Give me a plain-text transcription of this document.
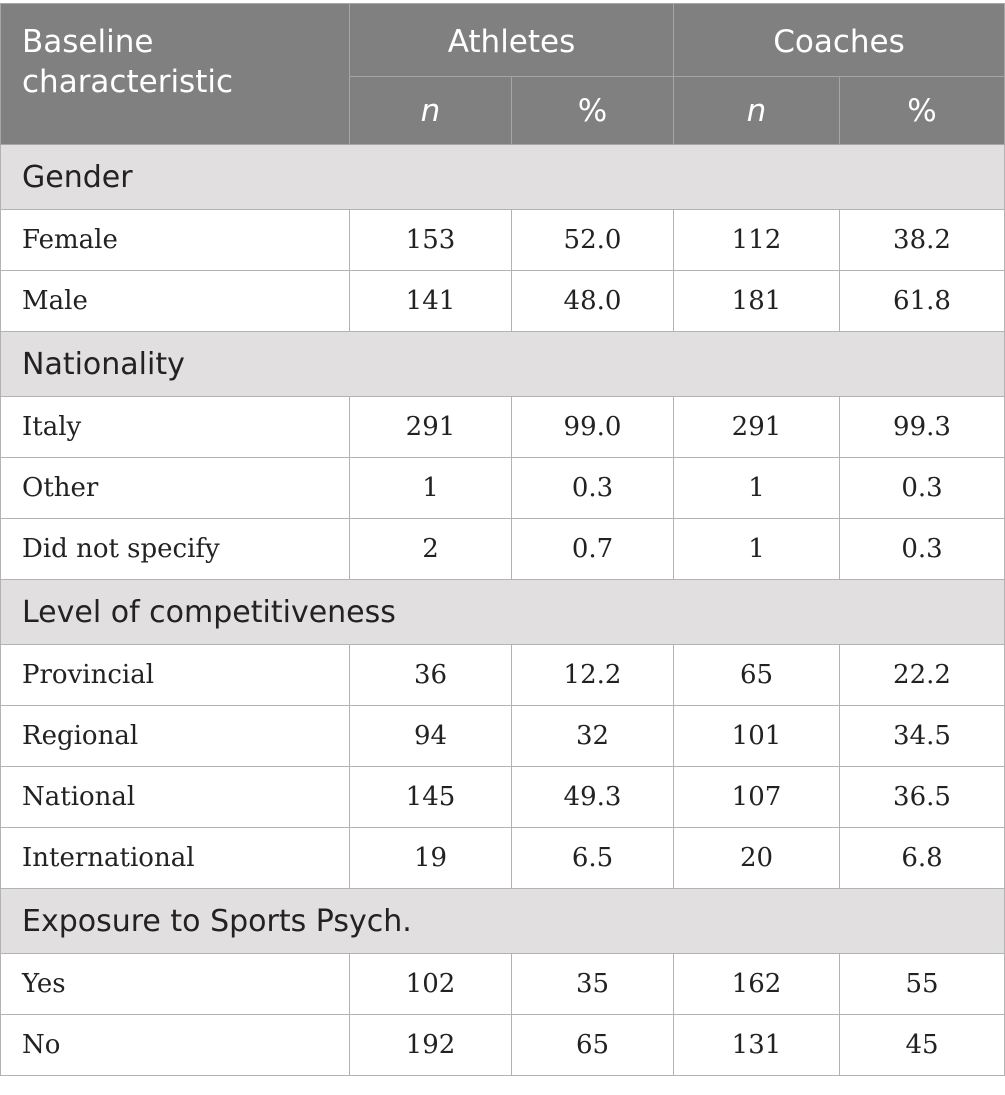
Baseline characteristic	Athletes		Coaches	
	n	%	n	%
Gender				
Female	153	52.0	112	38.2
Male	141	48.0	181	61.8
Nationality				
Italy	291	99.0	291	99.3
Other	1	0.3	1	0.3
Did not specify	2	0.7	1	0.3
Level of competitiveness				
Provincial	36	12.2	65	22.2
Regional	94	32	101	34.5
National	145	49.3	107	36.5
International	19	6.5	20	6.8
Exposure to Sports Psych.				
Yes	102	35	162	55
No	192	65	131	45
